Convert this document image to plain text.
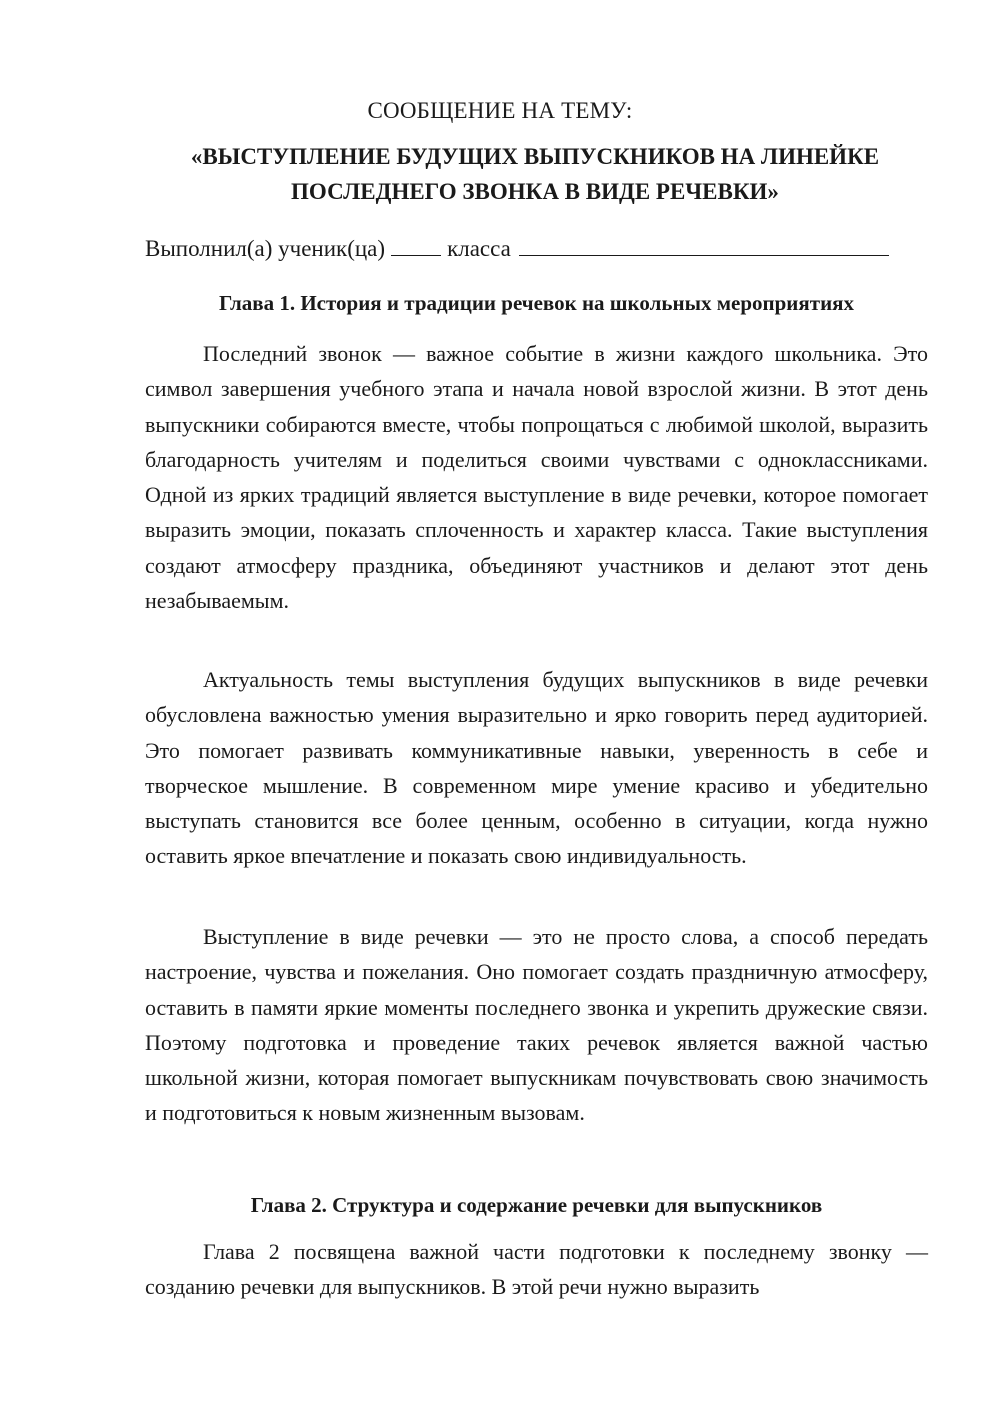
СООБЩЕНИЕ НА ТЕМУ:
«ВЫСТУПЛЕНИЕ БУДУЩИХ ВЫПУСКНИКОВ НА ЛИНЕЙКЕ ПОСЛЕДНЕГО ЗВОНКА В ВИДЕ РЕЧЕВКИ»
Выполнил(а) ученик(ца)	класса
Глава 1. История и традиции речевок на школьных мероприятиях

Последний звонок — важное событие в жизни каждого школьника. Это символ завершения учебного этапа и начала новой взрослой жизни. В этот день выпускники собираются вместе, чтобы попрощаться с любимой школой, выразить благодарность учителям и поделиться своими чувствами с одноклассниками. Одной из ярких традиций является выступление в виде речевки, которое помогает выразить эмоции, показать сплоченность и характер класса. Такие выступления создают атмосферу праздника, объединяют участников и делают этот день незабываемым.

Актуальность темы выступления будущих выпускников в виде речевки обусловлена важностью умения выразительно и ярко говорить перед аудиторией. Это помогает развивать коммуникативные навыки, уверенность в себе и творческое мышление. В современном мире умение красиво и убедительно выступать становится все более ценным, особенно в ситуации, когда нужно оставить яркое впечатление и показать свою индивидуальность.

Выступление в виде речевки — это не просто слова, а способ передать настроение, чувства и пожелания. Оно помогает создать праздничную атмосферу, оставить в памяти яркие моменты последнего звонка и укрепить дружеские связи. Поэтому подготовка и проведение таких речевок является важной частью школьной жизни, которая помогает выпускникам почувствовать свою значимость и подготовиться к новым жизненным вызовам.

Глава 2. Структура и содержание речевки для выпускников

Глава 2 посвящена важной части подготовки к последнему звонку — созданию речевки для выпускников. В этой речи нужно выразить
